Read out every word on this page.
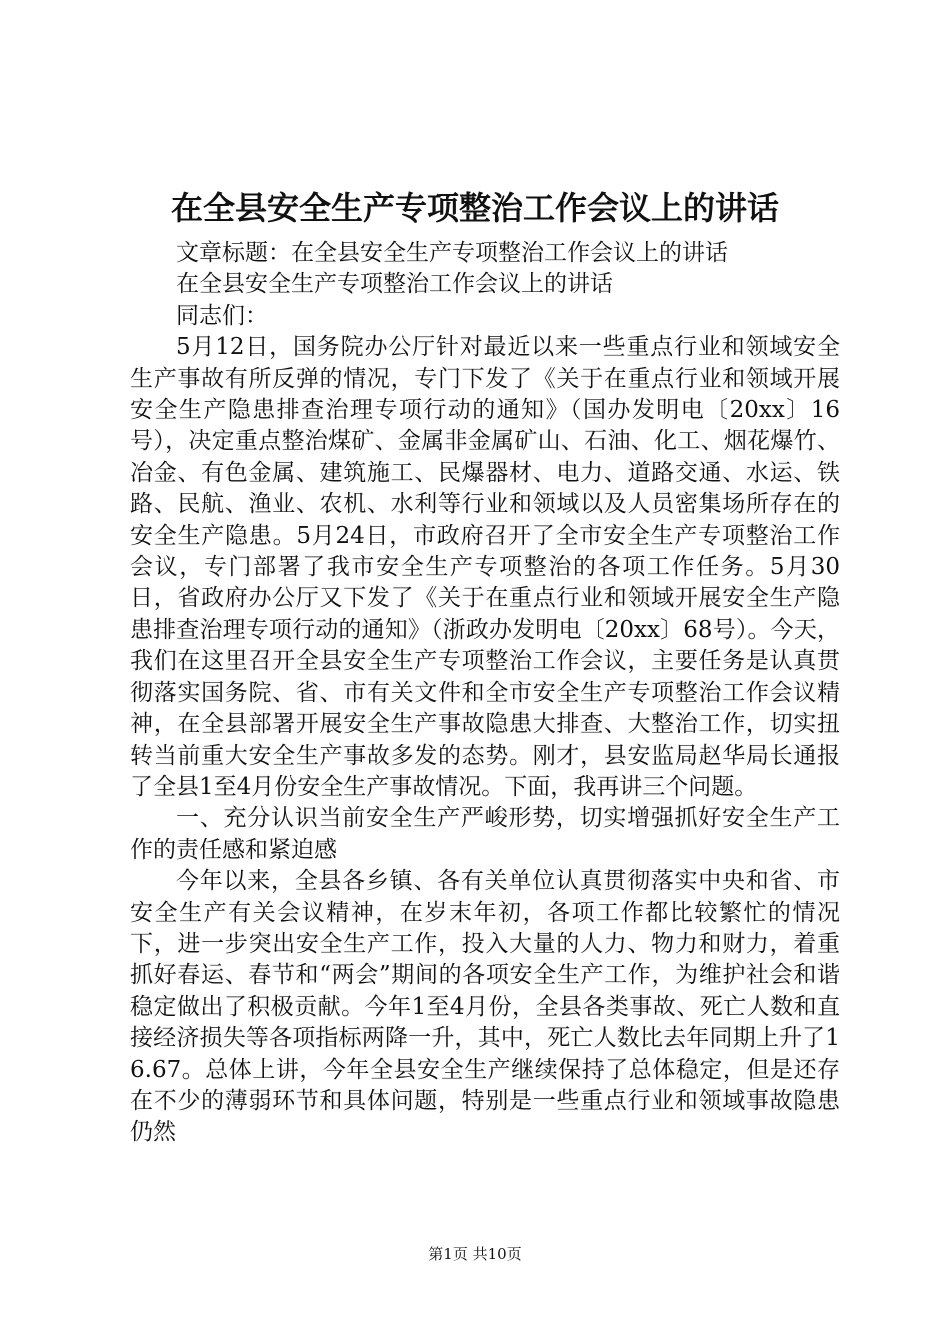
在全县安全生产专项整治工作会议上的讲话

文章标题：在全县安全生产专项整治工作会议上的讲话

在全县安全生产专项整治工作会议上的讲话

同志们：

5月12日，国务院办公厅针对最近以来一些重点行业和领域安全生产事故有所反弹的情况，专门下发了《关于在重点行业和领域开展安全生产隐患排查治理专项行动的通知》（国办发明电〔20xx〕16号），决定重点整治煤矿、金属非金属矿山、石油、化工、烟花爆竹、冶金、有色金属、建筑施工、民爆器材、电力、道路交通、水运、铁路、民航、渔业、农机、水利等行业和领域以及人员密集场所存在的安全生产隐患。5月24日，市政府召开了全市安全生产专项整治工作会议，专门部署了我市安全生产专项整治的各项工作任务。5月30日，省政府办公厅又下发了《关于在重点行业和领域开展安全生产隐患排查治理专项行动的通知》（浙政办发明电〔20xx〕68号）。今天，我们在这里召开全县安全生产专项整治工作会议，主要任务是认真贯彻落实国务院、省、市有关文件和全市安全生产专项整治工作会议精神，在全县部署开展安全生产事故隐患大排查、大整治工作，切实扭转当前重大安全生产事故多发的态势。刚才，县安监局赵华局长通报了全县1至4月份安全生产事故情况。下面，我再讲三个问题。

一、充分认识当前安全生产严峻形势，切实增强抓好安全生产工作的责任感和紧迫感

今年以来，全县各乡镇、各有关单位认真贯彻落实中央和省、市安全生产有关会议精神，在岁末年初，各项工作都比较繁忙的情况下，进一步突出安全生产工作，投入大量的人力、物力和财力，着重抓好春运、春节和“两会”期间的各项安全生产工作，为维护社会和谐稳定做出了积极贡献。今年1至4月份，全县各类事故、死亡人数和直接经济损失等各项指标两降一升，其中，死亡人数比去年同期上升了16.67。总体上讲，今年全县安全生产继续保持了总体稳定，但是还存在不少的薄弱环节和具体问题，特别是一些重点行业和领域事故隐患仍然

第1页 共10页
